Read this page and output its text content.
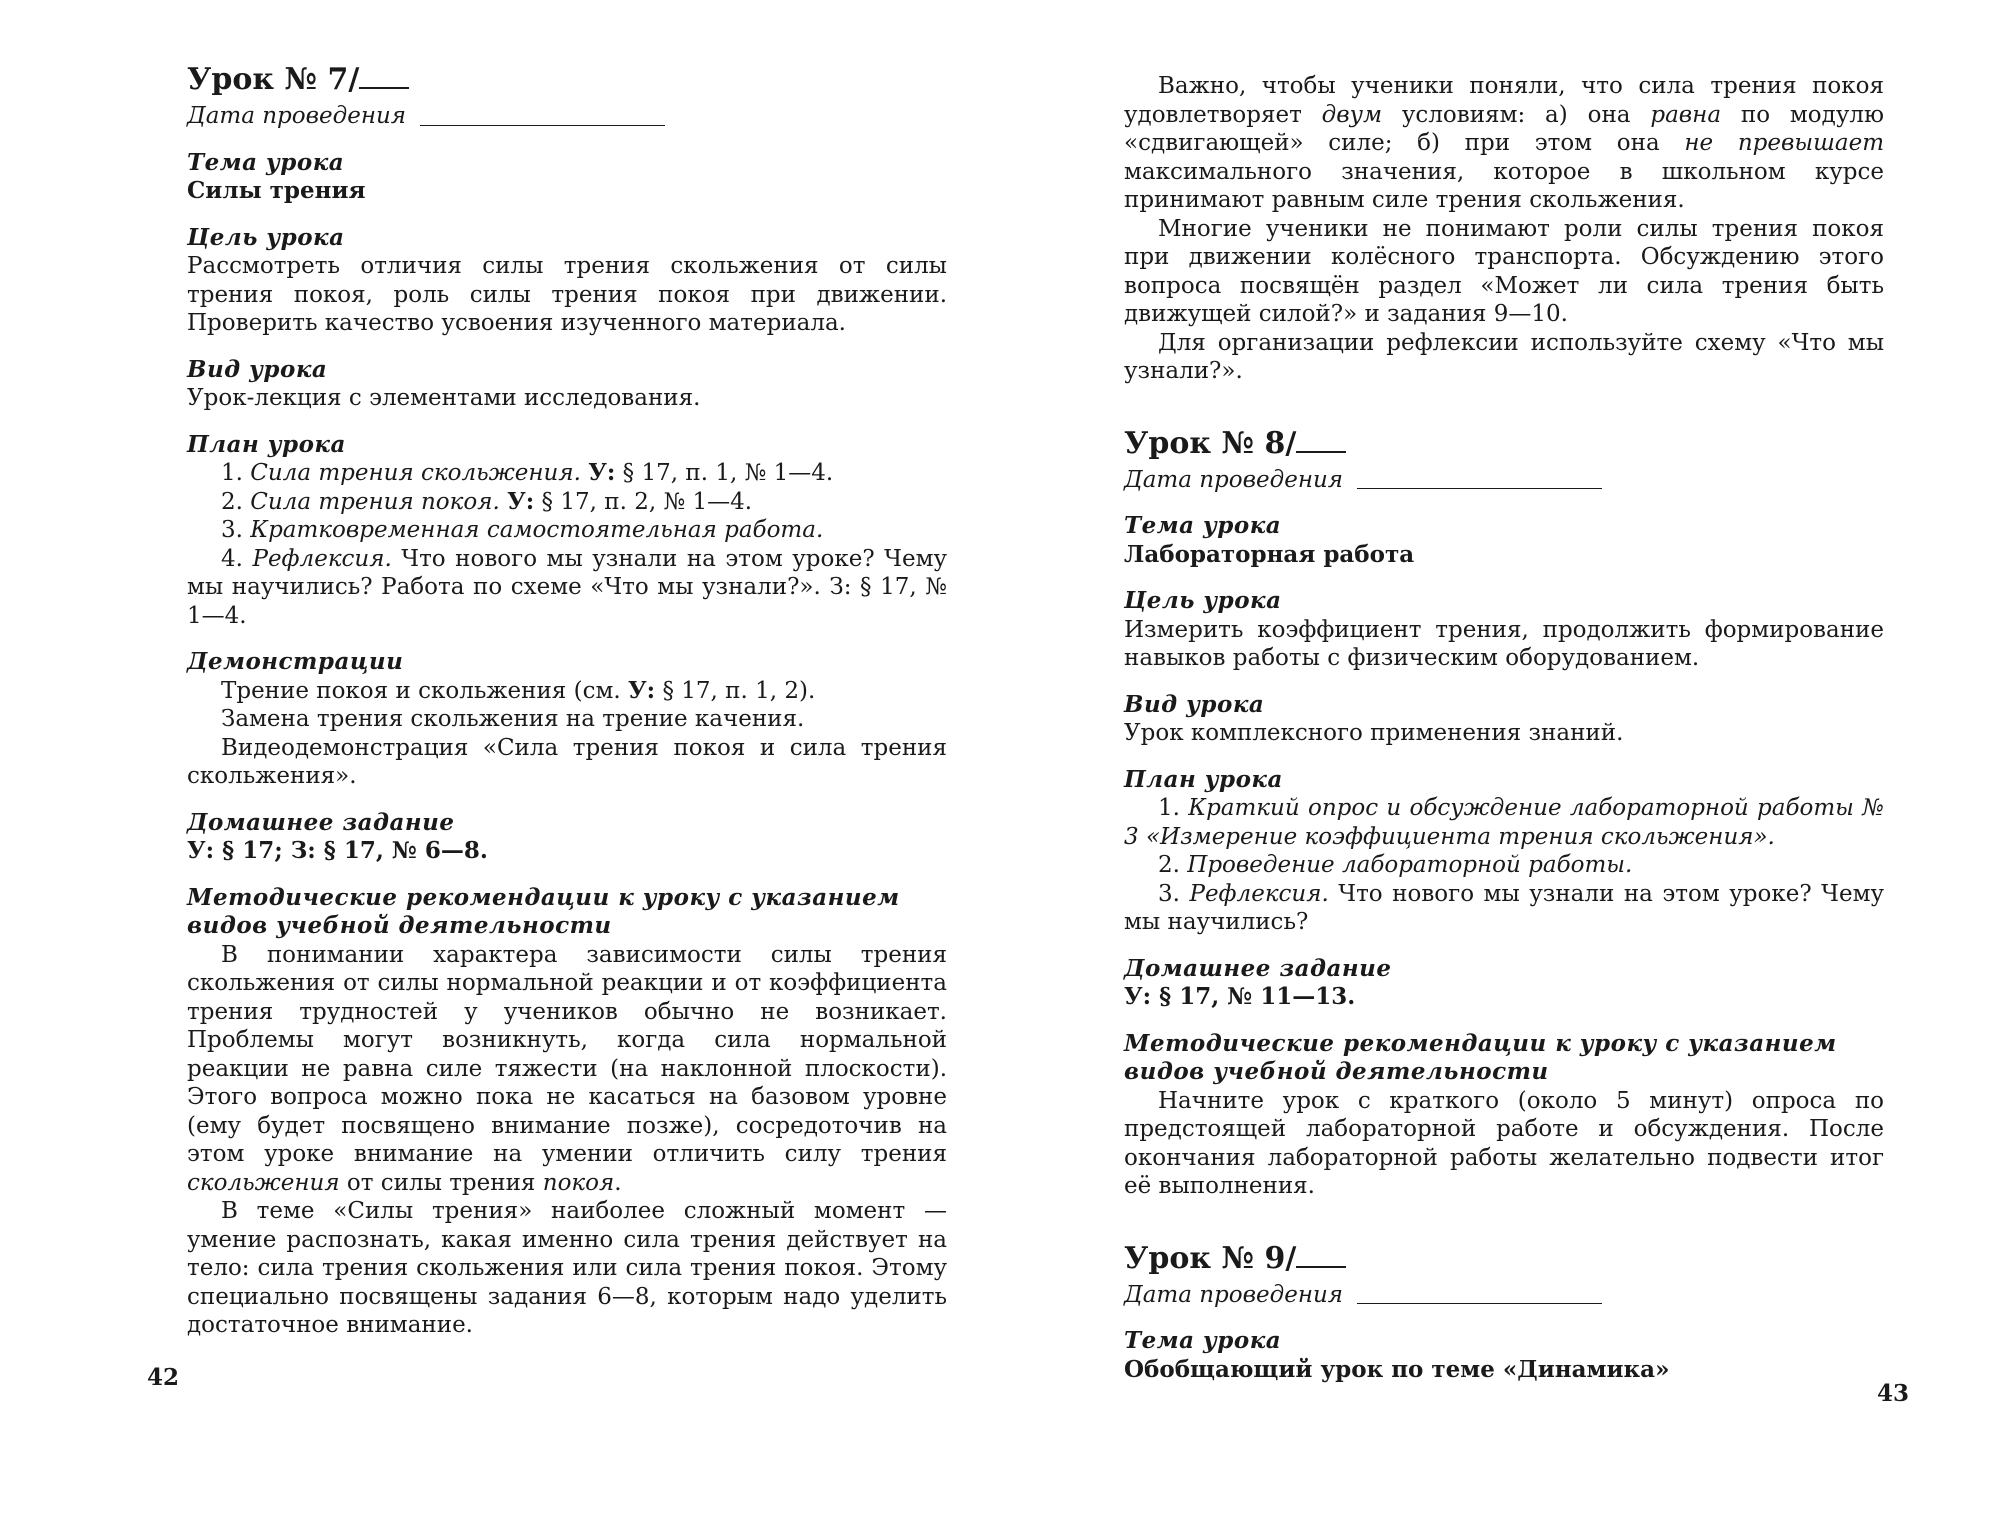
Урок № 7/
Дата проведения
Тема урока

Силы трения

Цель урока

Рассмотреть отличия силы трения скольжения от силы трения покоя, роль силы трения покоя при движении. Проверить качество усвоения изученного материала.

Вид урока

Урок-лекция с элементами исследования.

План урока

1. Сила трения скольжения. У: § 17, п. 1, № 1—4.

2. Сила трения покоя. У: § 17, п. 2, № 1—4.

3. Кратковременная самостоятельная работа.

4. Рефлексия. Что нового мы узнали на этом уроке? Чему мы научились? Работа по схеме «Что мы узнали?». З: § 17, № 1—4.

Демонстрации

Трение покоя и скольжения (см. У: § 17, п. 1, 2).

Замена трения скольжения на трение качения.

Видеодемонстрация «Сила трения покоя и сила трения скольжения».

Домашнее задание

У: § 17; З: § 17, № 6—8.

Методические рекомендации к уроку с указанием видов учебной деятельности

В понимании характера зависимости силы трения скольжения от силы нормальной реакции и от коэффициента трения трудностей у учеников обычно не возникает. Проблемы могут возникнуть, когда сила нормальной реакции не равна силе тяжести (на наклонной плоскости). Этого вопроса можно пока не касаться на базовом уровне (ему будет посвящено внимание позже), сосредоточив на этом уроке внимание на умении отличить силу трения скольжения от силы трения покоя.

В теме «Силы трения» наиболее сложный момент — умение распознать, какая именно сила трения действует на тело: сила трения скольжения или сила трения покоя. Этому специально посвящены задания 6—8, которым надо уделить достаточное внимание.

42

Важно, чтобы ученики поняли, что сила трения покоя удовлетворяет двум условиям: а) она равна по модулю «сдвигающей» силе; б) при этом она не превышает максимального значения, которое в школьном курсе принимают равным силе трения скольжения.

Многие ученики не понимают роли силы трения покоя при движении колёсного транспорта. Обсуждению этого вопроса посвящён раздел «Может ли сила трения быть движущей силой?» и задания 9—10.

Для организации рефлексии используйте схему «Что мы узнали?».

Урок № 8/
Дата проведения
Тема урока

Лабораторная работа

Цель урока

Измерить коэффициент трения, продолжить формирование навыков работы с физическим оборудованием.

Вид урока

Урок комплексного применения знаний.

План урока

1. Краткий опрос и обсуждение лабораторной работы № 3 «Измерение коэффициента трения скольжения».

2. Проведение лабораторной работы.

3. Рефлексия. Что нового мы узнали на этом уроке? Чему мы научились?

Домашнее задание

У: § 17, № 11—13.

Методические рекомендации к уроку с указанием видов учебной деятельности

Начните урок с краткого (около 5 минут) опроса по предстоящей лабораторной работе и обсуждения. После окончания лабораторной работы желательно подвести итог её выполнения.

Урок № 9/
Дата проведения
Тема урока

Обобщающий урок по теме «Динамика»

43
